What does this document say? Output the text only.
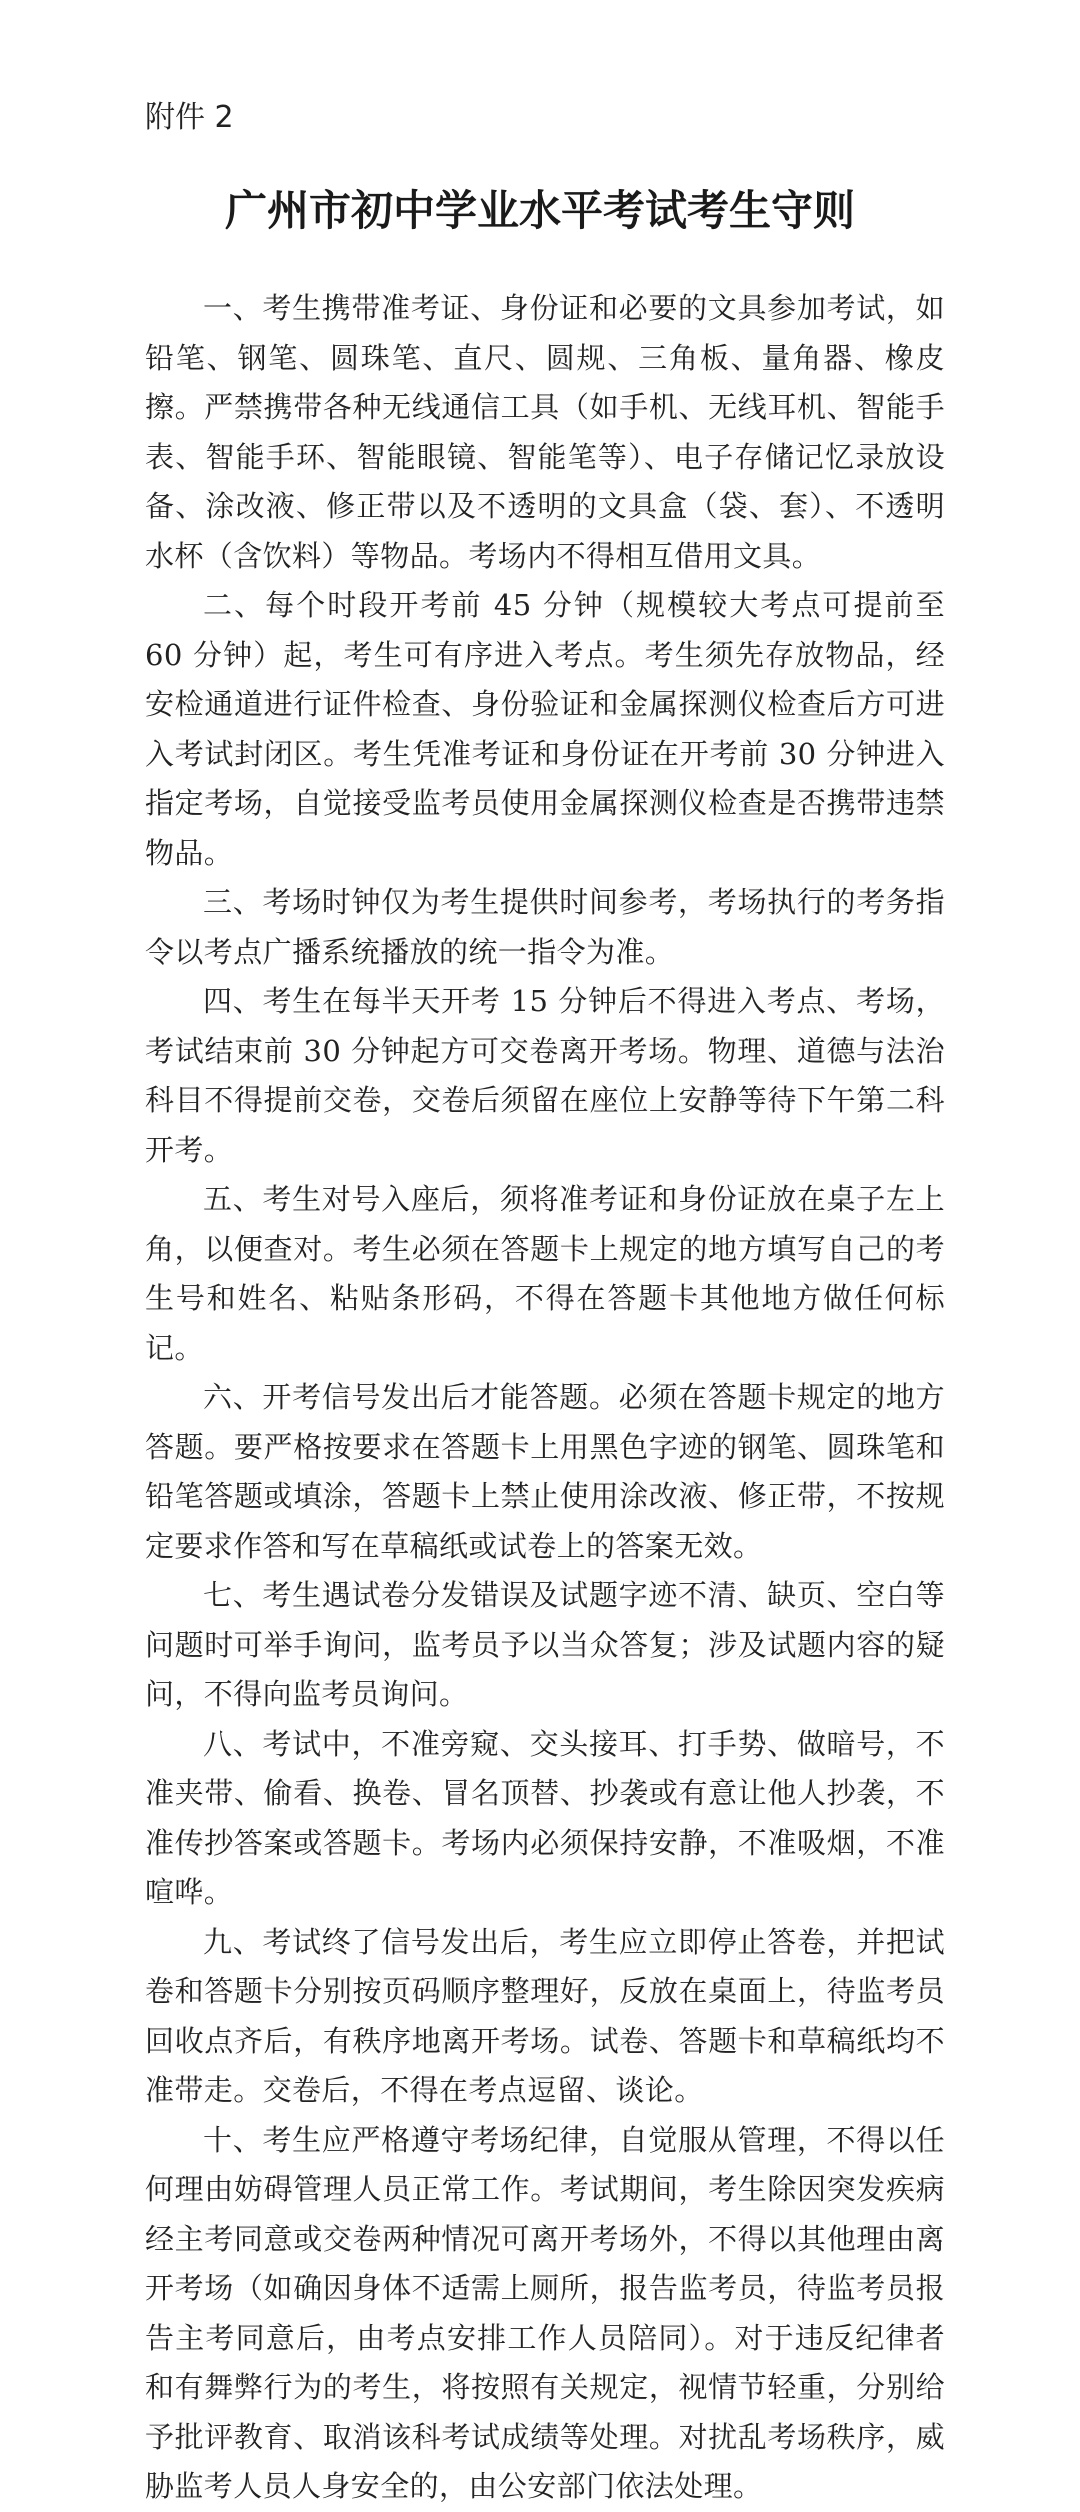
附件 2
广州市初中学业水平考试考生守则

一、考生携带准考证、身份证和必要的文具参加考试，如铅笔、钢笔、圆珠笔、直尺、圆规、三角板、量角器、橡皮擦。严禁携带各种无线通信工具（如手机、无线耳机、智能手表、智能手环、智能眼镜、智能笔等）、电子存储记忆录放设备、涂改液、修正带以及不透明的文具盒（袋、套）、不透明水杯（含饮料）等物品。考场内不得相互借用文具。

二、每个时段开考前 45 分钟（规模较大考点可提前至 60 分钟）起，考生可有序进入考点。考生须先存放物品，经安检通道进行证件检查、身份验证和金属探测仪检查后方可进入考试封闭区。考生凭准考证和身份证在开考前 30 分钟进入指定考场，自觉接受监考员使用金属探测仪检查是否携带违禁物品。

三、考场时钟仅为考生提供时间参考，考场执行的考务指令以考点广播系统播放的统一指令为准。

四、考生在每半天开考 15 分钟后不得进入考点、考场，考试结束前 30 分钟起方可交卷离开考场。物理、道德与法治科目不得提前交卷，交卷后须留在座位上安静等待下午第二科开考。

五、考生对号入座后，须将准考证和身份证放在桌子左上角，以便查对。考生必须在答题卡上规定的地方填写自己的考生号和姓名、粘贴条形码，不得在答题卡其他地方做任何标记。

六、开考信号发出后才能答题。必须在答题卡规定的地方答题。要严格按要求在答题卡上用黑色字迹的钢笔、圆珠笔和铅笔答题或填涂，答题卡上禁止使用涂改液、修正带，不按规定要求作答和写在草稿纸或试卷上的答案无效。

七、考生遇试卷分发错误及试题字迹不清、缺页、空白等问题时可举手询问，监考员予以当众答复；涉及试题内容的疑问，不得向监考员询问。

八、考试中，不准旁窥、交头接耳、打手势、做暗号，不准夹带、偷看、换卷、冒名顶替、抄袭或有意让他人抄袭，不准传抄答案或答题卡。考场内必须保持安静，不准吸烟，不准喧哗。

九、考试终了信号发出后，考生应立即停止答卷，并把试卷和答题卡分别按页码顺序整理好，反放在桌面上，待监考员回收点齐后，有秩序地离开考场。试卷、答题卡和草稿纸均不准带走。交卷后，不得在考点逗留、谈论。

十、考生应严格遵守考场纪律，自觉服从管理，不得以任何理由妨碍管理人员正常工作。考试期间，考生除因突发疾病经主考同意或交卷两种情况可离开考场外，不得以其他理由离开考场（如确因身体不适需上厕所，报告监考员，待监考员报告主考同意后，由考点安排工作人员陪同）。对于违反纪律者和有舞弊行为的考生，将按照有关规定，视情节轻重，分别给予批评教育、取消该科考试成绩等处理。对扰乱考场秩序，威胁监考人员人身安全的，由公安部门依法处理。
